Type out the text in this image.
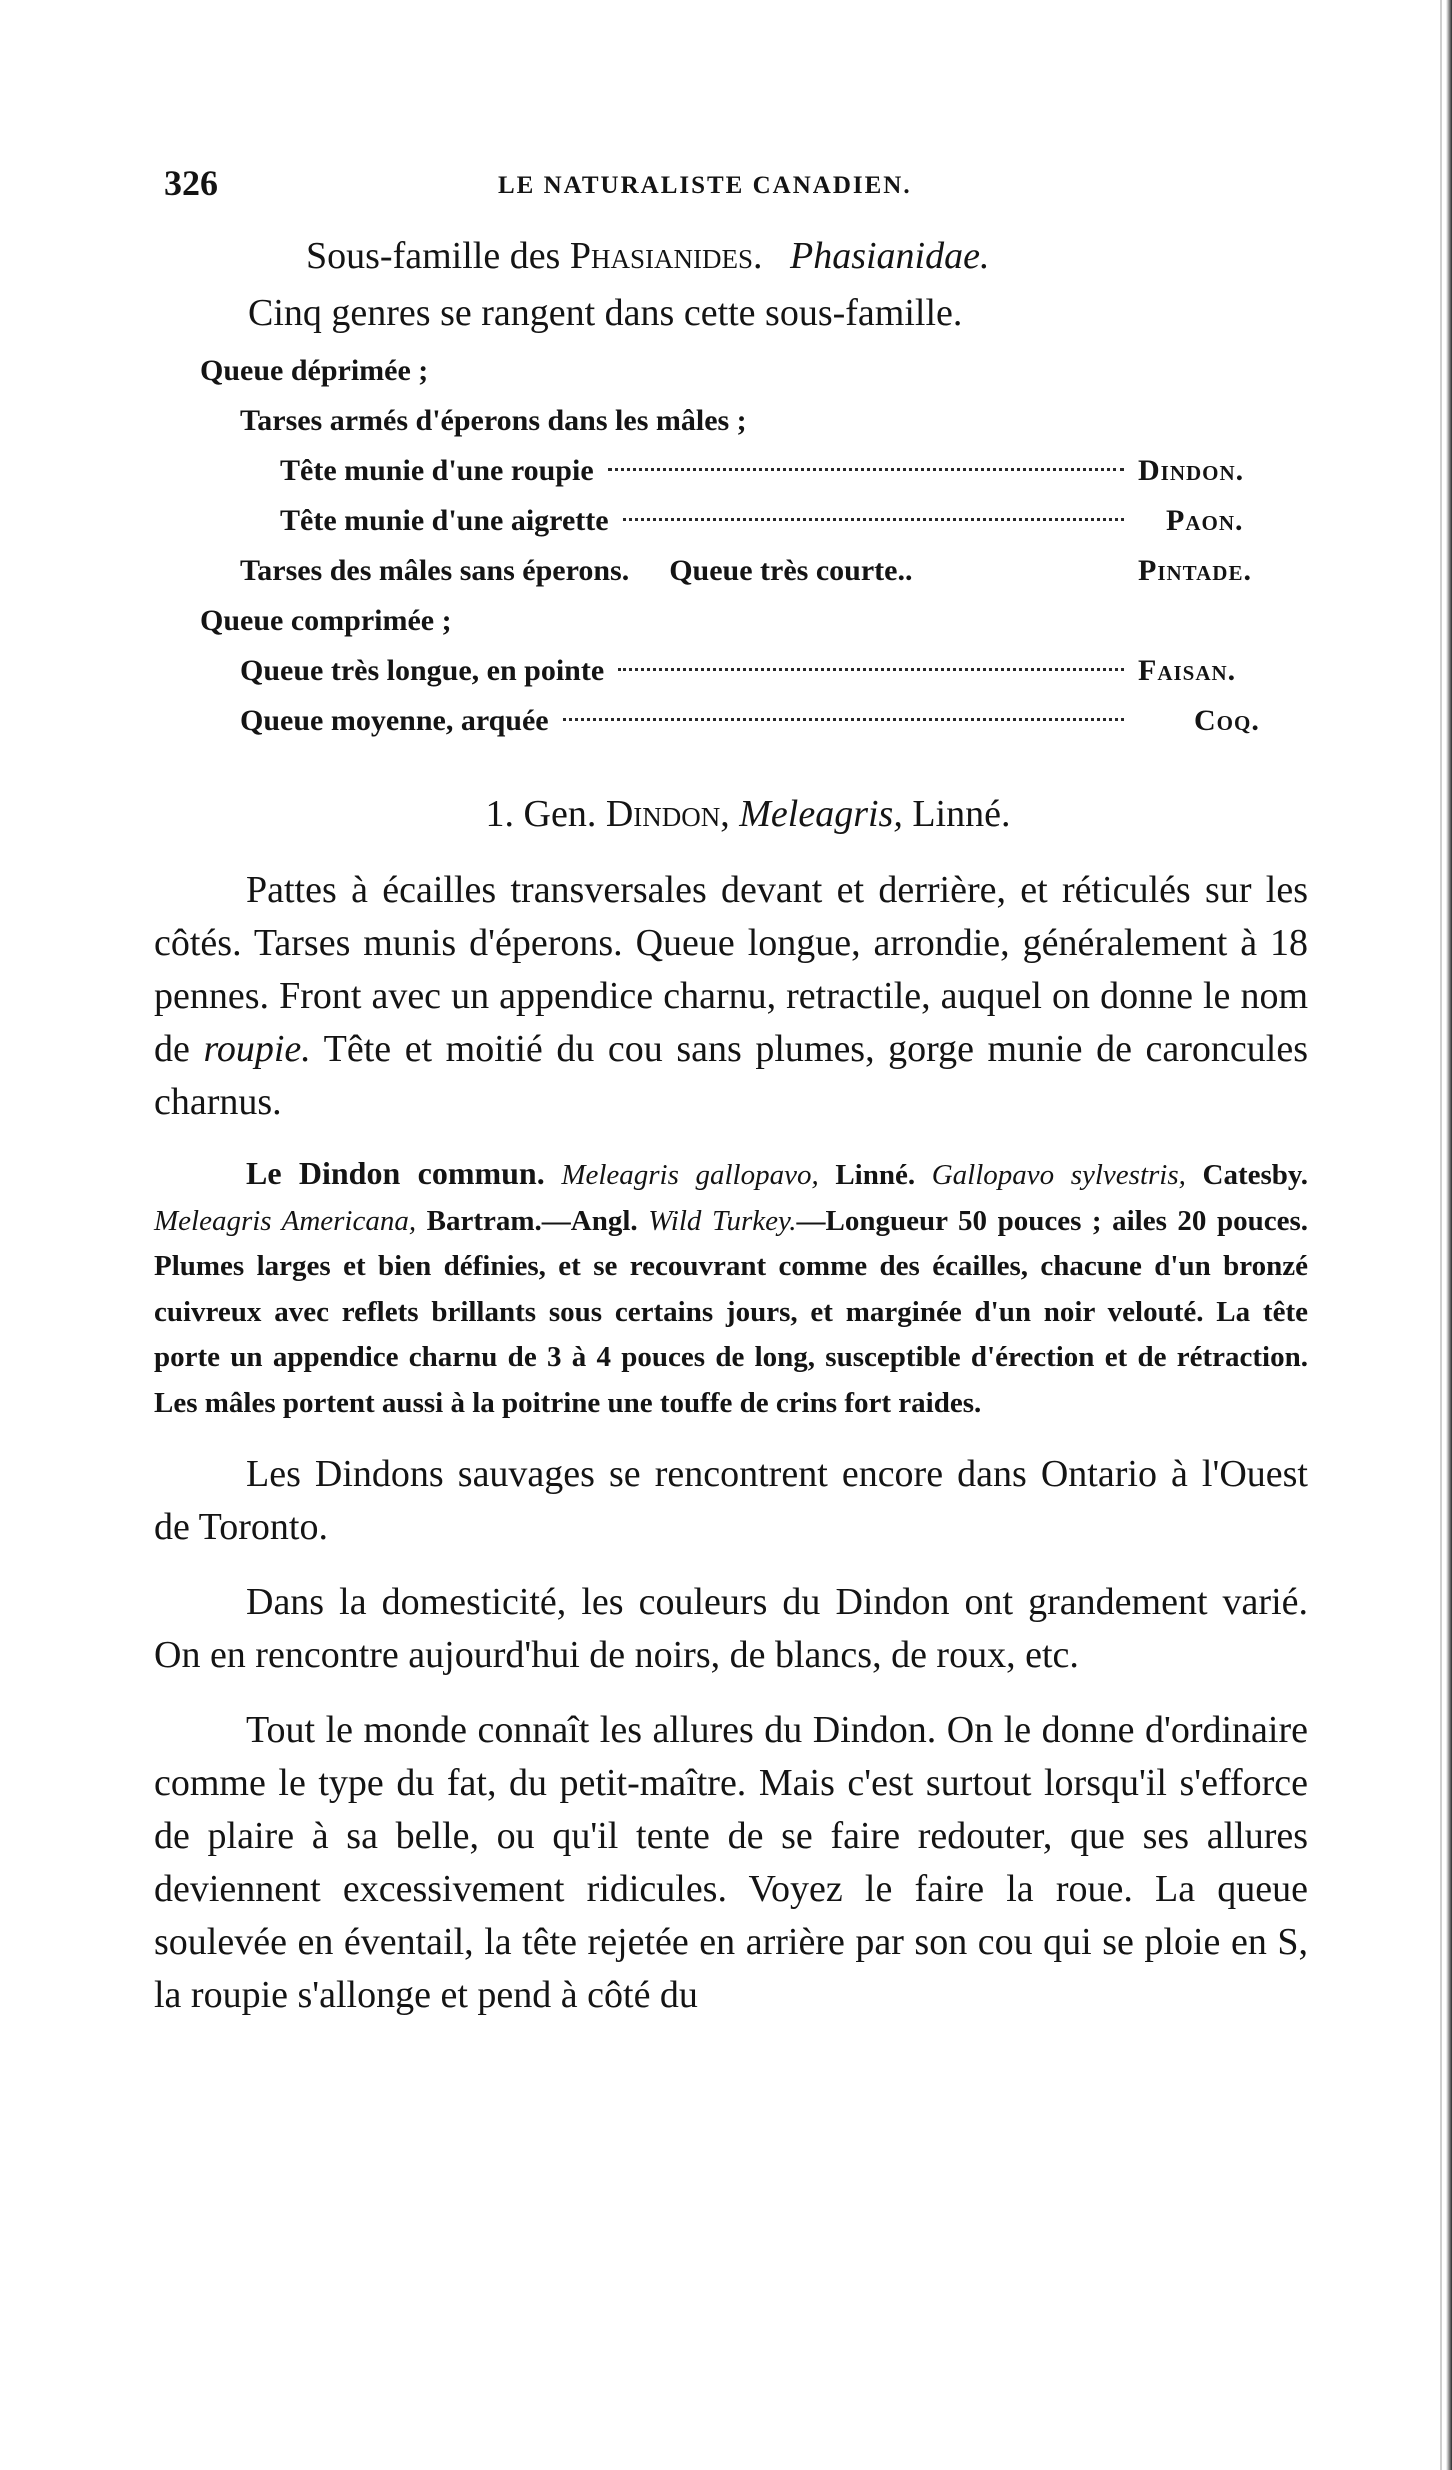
326	LE NATURALISTE CANADIEN.
Sous-famille des Phasianides. Phasianidae.
Cinq genres se rangent dans cette sous-famille.
Queue déprimée ;
Tarses armés d'éperons dans les mâles ;
Tête munie d'une roupie	Dindon.
Tête munie d'une aigrette	Paon.
Tarses des mâles sans éperons. Queue très courte..	Pintade.
Queue comprimée ;
Queue très longue, en pointe	Faisan.
Queue moyenne, arquée	Coq.
1. Gen. Dindon, Meleagris, Linné.

Pattes à écailles transversales devant et derrière, et réticulés sur les côtés. Tarses munis d'éperons. Queue longue, arrondie, généralement à 18 pennes. Front avec un appendice charnu, retractile, auquel on donne le nom de roupie. Tête et moitié du cou sans plumes, gorge munie de caroncules charnus.

Le Dindon commun. Meleagris gallopavo, Linné. Gallopavo sylvestris, Catesby. Meleagris Americana, Bartram.—Angl. Wild Turkey.—Longueur 50 pouces ; ailes 20 pouces. Plumes larges et bien définies, et se recouvrant comme des écailles, chacune d'un bronzé cuivreux avec reflets brillants sous certains jours, et marginée d'un noir velouté. La tête porte un appendice charnu de 3 à 4 pouces de long, susceptible d'érection et de rétraction. Les mâles portent aussi à la poitrine une touffe de crins fort raides.

Les Dindons sauvages se rencontrent encore dans Ontario à l'Ouest de Toronto.

Dans la domesticité, les couleurs du Dindon ont grandement varié. On en rencontre aujourd'hui de noirs, de blancs, de roux, etc.

Tout le monde connaît les allures du Dindon. On le donne d'ordinaire comme le type du fat, du petit-maître. Mais c'est surtout lorsqu'il s'efforce de plaire à sa belle, ou qu'il tente de se faire redouter, que ses allures deviennent excessivement ridicules. Voyez le faire la roue. La queue soulevée en éventail, la tête rejetée en arrière par son cou qui se ploie en S, la roupie s'allonge et pend à côté du
